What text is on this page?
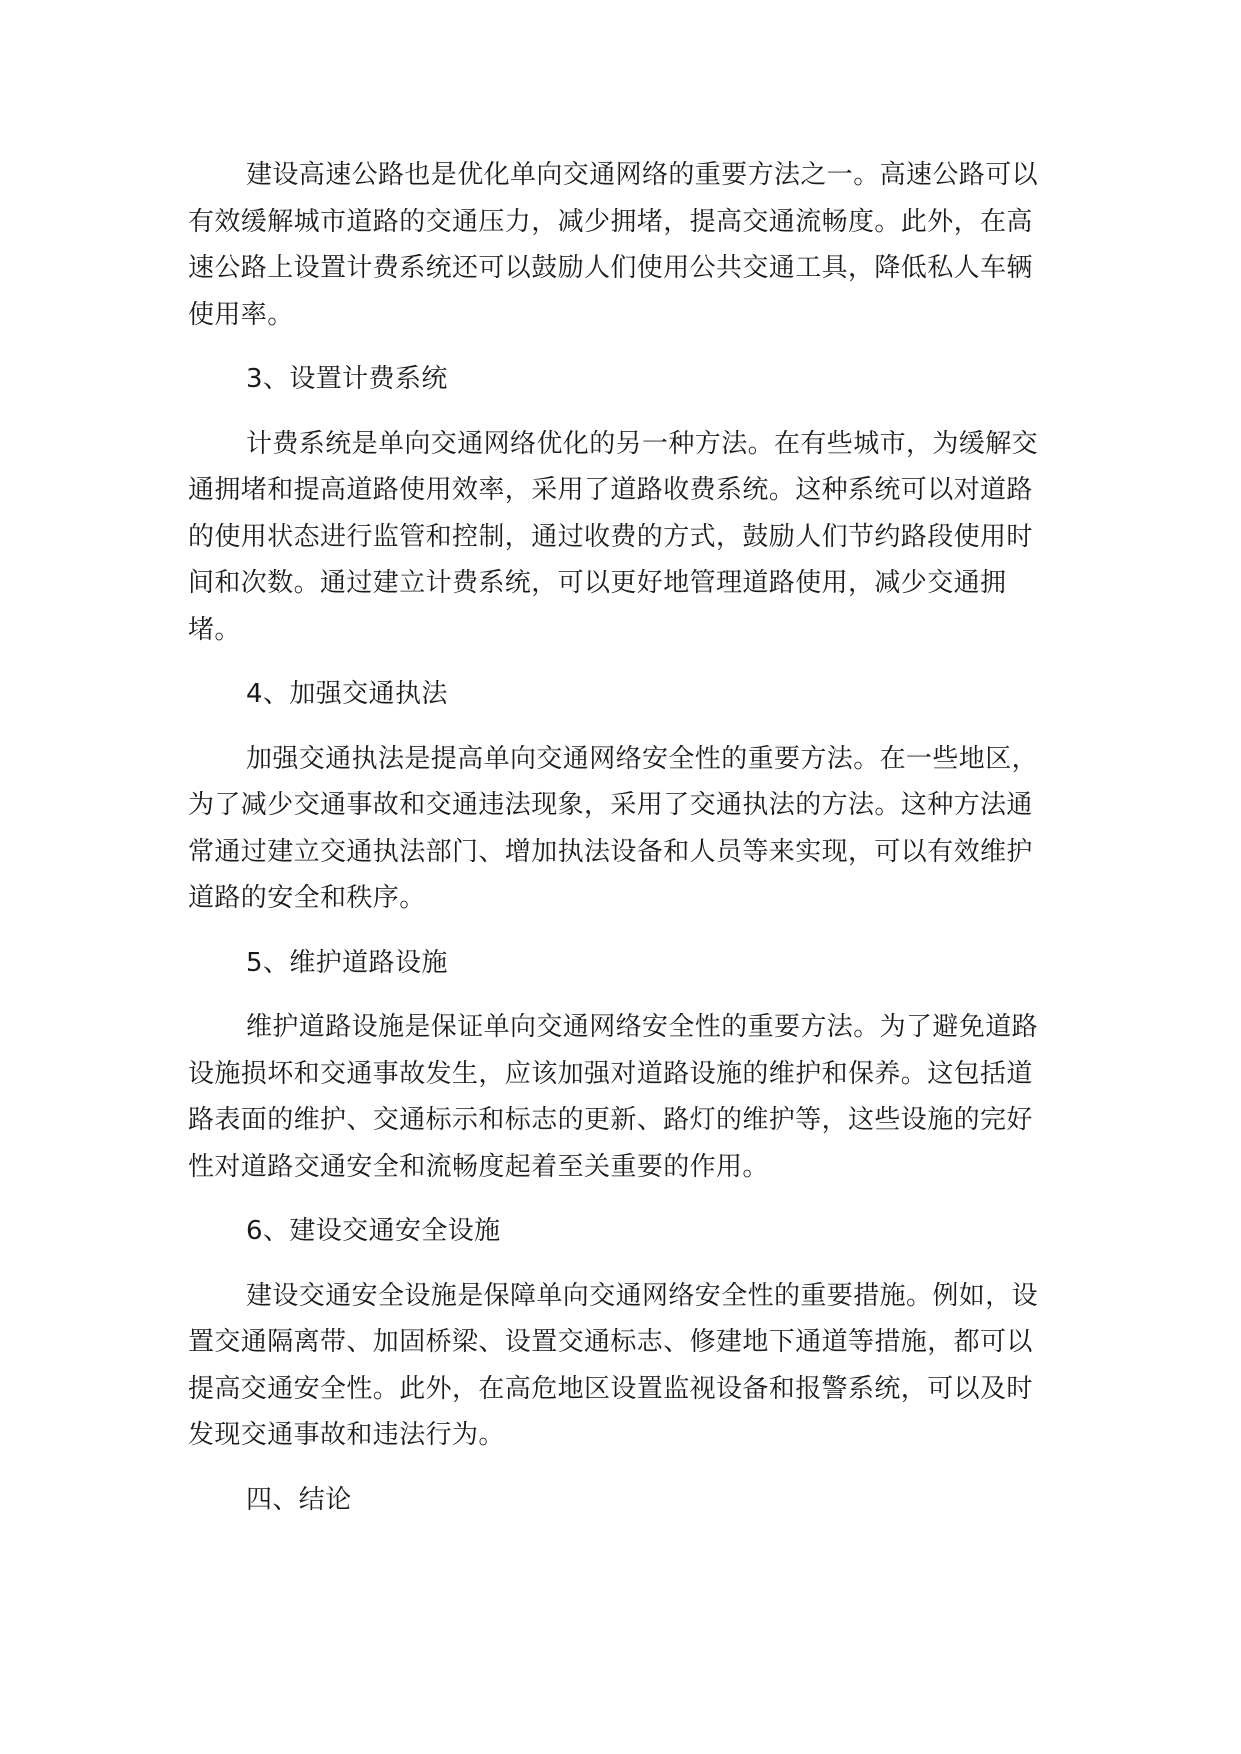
建设高速公路也是优化单向交通网络的重要方法之一。高速公路可以有效缓解城市道路的交通压力，减少拥堵，提高交通流畅度。此外，在高速公路上设置计费系统还可以鼓励人们使用公共交通工具，降低私人车辆使用率。

3、设置计费系统

计费系统是单向交通网络优化的另一种方法。在有些城市，为缓解交通拥堵和提高道路使用效率，采用了道路收费系统。这种系统可以对道路的使用状态进行监管和控制，通过收费的方式，鼓励人们节约路段使用时间和次数。通过建立计费系统，可以更好地管理道路使用，减少交通拥堵。

4、加强交通执法

加强交通执法是提高单向交通网络安全性的重要方法。在一些地区，为了减少交通事故和交通违法现象，采用了交通执法的方法。这种方法通常通过建立交通执法部门、增加执法设备和人员等来实现，可以有效维护道路的安全和秩序。

5、维护道路设施

维护道路设施是保证单向交通网络安全性的重要方法。为了避免道路设施损坏和交通事故发生，应该加强对道路设施的维护和保养。这包括道路表面的维护、交通标示和标志的更新、路灯的维护等，这些设施的完好性对道路交通安全和流畅度起着至关重要的作用。

6、建设交通安全设施

建设交通安全设施是保障单向交通网络安全性的重要措施。例如，设置交通隔离带、加固桥梁、设置交通标志、修建地下通道等措施，都可以提高交通安全性。此外，在高危地区设置监视设备和报警系统，可以及时发现交通事故和违法行为。

四、结论
